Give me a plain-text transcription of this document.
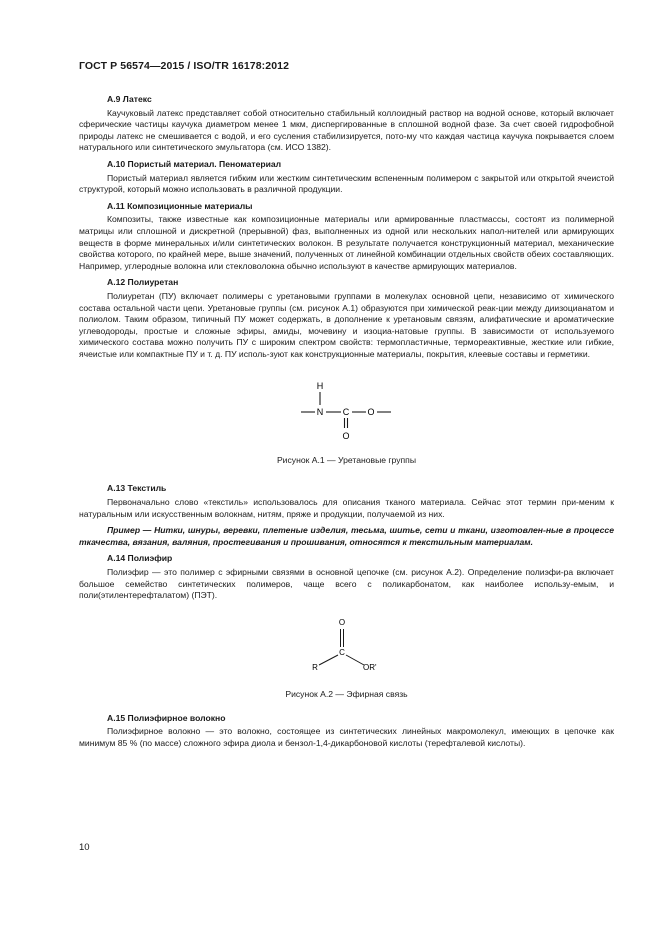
ГОСТ Р 56574—2015 / ISO/TR 16178:2012
А.9 Латекс

Каучуковый латекс представляет собой относительно стабильный коллоидный раствор на водной основе, который включает сферические частицы каучука диаметром менее 1 мкм, диспергированные в сплошной водной фазе. За счет своей гидрофобной природы латекс не смешивается с водой, и его сусления стабилизируется, пото-му что каждая частица каучука покрывается слоем натурального или синтетического эмульгатора (см. ИСО 1382).

А.10 Пористый материал. Пеноматериал

Пористый материал является гибким или жестким синтетическим вспененным полимером с закрытой или открытой ячеистой структурой, который можно использовать в различной продукции.

А.11 Композиционные материалы

Композиты, также известные как композиционные материалы или армированные пластмассы, состоят из полимерной матрицы или сплошной и дискретной (прерывной) фаз, выполненных из одной или нескольких напол-нителей или армирующих веществ в форме минеральных и/или синтетических волокон. В результате получается конструкционный материал, механические свойства которого, по крайней мере, выше значений, полученных от линейной комбинации отдельных свойств обеих составляющих. Например, углеродные волокна или стекловолокна обычно используют в качестве армирующих материалов.

А.12 Полиуретан

Полиуретан (ПУ) включает полимеры с уретановыми группами в молекулах основной цепи, независимо от химического состава остальной части цепи. Уретановые группы (см. рисунок А.1) образуются при химической реак-ции между диизоцианатом и полиолом. Таким образом, типичный ПУ может содержать, в дополнение к уретановым связям, алифатические и ароматические углеводороды, простые и сложные эфиры, амиды, мочевину и изоциа-натовые группы. В зависимости от используемого химического состава можно получить ПУ с широким спектром свойств: термопластичные, термореактивные, жесткие или гибкие, ячеистые или компактные ПУ и т. д. ПУ исполь-зуют как конструкционные материалы, покрытия, клеевые составы и герметики.

H
N C O
O
Рисунок А.1 — Уретановые группы
А.13 Текстиль

Первоначально слово «текстиль» использовалось для описания тканого материала. Сейчас этот термин при-меним к натуральным или искусственным волокнам, нитям, пряже и продукции, получаемой из них.

Пример — Нитки, шнуры, веревки, плетеные изделия, тесьма, шитье, сети и ткани, изготовлен-ные в процессе ткачества, вязания, валяния, простегивания и прошивания, относятся к текстильным материалам.

А.14 Полиэфир

Полиэфир — это полимер с эфирными связями в основной цепочке (см. рисунок А.2). Определение полиэфи-ра включает большое семейство синтетических полимеров, чаще всего с поликарбонатом, как наиболее использу-емым, и поли(этилентерефталатом) (ПЭТ).

O
C
R	OR'
Рисунок А.2 — Эфирная связь
А.15 Полиэфирное волокно

Полиэфирное волокно — это волокно, состоящее из синтетических линейных макромолекул, имеющих в цепочке как минимум 85 % (по массе) сложного эфира диола и бензол-1,4-дикарбоновой кислоты (терефталевой кислоты).

10
